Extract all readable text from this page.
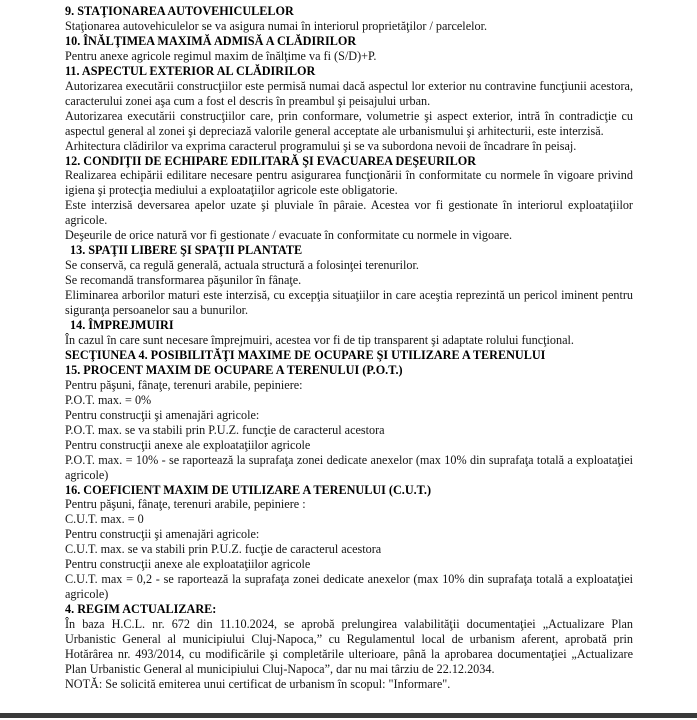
9. STAŢIONAREA AUTOVEHICULELOR

Staţionarea autovehiculelor se va asigura numai în interiorul proprietăţilor / parcelelor.

10. ÎNĂLŢIMEA MAXIMĂ ADMISĂ A CLĂDIRILOR

Pentru anexe agricole regimul maxim de înălţime va fi (S/D)+P.

11. ASPECTUL EXTERIOR AL CLĂDIRILOR

Autorizarea executării construcţiilor este permisă numai dacă aspectul lor exterior nu contravine funcţiunii acestora, caracterului zonei aşa cum a fost el descris în preambul şi peisajului urban.

Autorizarea executării construcţiilor care, prin conformare, volumetrie şi aspect exterior, intră în contradicţie cu aspectul general al zonei şi depreciază valorile general acceptate ale urbanismului şi arhitecturii, este interzisă.

Arhitectura clădirilor va exprima caracterul programului şi se va subordona nevoii de încadrare în peisaj.

12. CONDIŢII DE ECHIPARE EDILITARĂ ŞI EVACUAREA DEŞEURILOR

Realizarea echipării edilitare necesare pentru asigurarea funcţionării în conformitate cu normele în vigoare privind igiena şi protecţia mediului a exploataţiilor agricole este obligatorie.

Este interzisă deversarea apelor uzate şi pluviale în pâraie. Acestea vor fi gestionate în interiorul exploataţiilor agricole.

Deşeurile de orice natură vor fi gestionate / evacuate în conformitate cu normele in vigoare.

13. SPAŢII LIBERE ŞI SPAŢII PLANTATE

Se conservă, ca regulă generală, actuala structură a folosinţei terenurilor.

Se recomandă transformarea păşunilor în fânaţe.

Eliminarea arborilor maturi este interzisă, cu excepţia situaţiilor in care aceştia reprezintă un pericol iminent pentru siguranţa persoanelor sau a bunurilor.

14. ÎMPREJMUIRI

În cazul în care sunt necesare împrejmuiri, acestea vor fi de tip transparent şi adaptate rolului funcţional.

SECŢIUNEA 4. POSIBILITĂŢI MAXIME DE OCUPARE ŞI UTILIZARE A TERENULUI

15. PROCENT MAXIM DE OCUPARE A TERENULUI (P.O.T.)

Pentru păşuni, fânaţe, terenuri arabile, pepiniere:

P.O.T. max. = 0%

Pentru construcţii şi amenajări agricole:

P.O.T. max. se va stabili prin P.U.Z. funcţie de caracterul acestora

Pentru construcţii anexe ale exploataţiilor agricole

P.O.T. max. = 10% - se raportează la suprafaţa zonei dedicate anexelor (max 10% din suprafaţa totală a exploataţiei agricole)

16. COEFICIENT MAXIM DE UTILIZARE A TERENULUI (C.U.T.)

Pentru păşuni, fânaţe, terenuri arabile, pepiniere :

C.U.T. max. = 0

Pentru construcţii şi amenajări agricole:

C.U.T. max. se va stabili prin P.U.Z. fucţie de caracterul acestora

Pentru construcţii anexe ale exploataţiilor agricole

C.U.T. max = 0,2 - se raportează la suprafaţa zonei dedicate anexelor (max 10% din suprafaţa totală a exploataţiei agricole)

4. REGIM ACTUALIZARE:

În baza H.C.L. nr. 672 din 11.10.2024, se aprobă prelungirea valabilităţii documentaţiei „Actualizare Plan Urbanistic General al municipiului Cluj-Napoca,” cu Regulamentul local de urbanism aferent, aprobată prin Hotărârea nr. 493/2014, cu modificările şi completările ulterioare, până la aprobarea documentaţiei „Actualizare Plan Urbanistic General al municipiului Cluj-Napoca”, dar nu mai târziu de 22.12.2034.

NOTĂ: Se solicită emiterea unui certificat de urbanism în scopul: "Informare".
